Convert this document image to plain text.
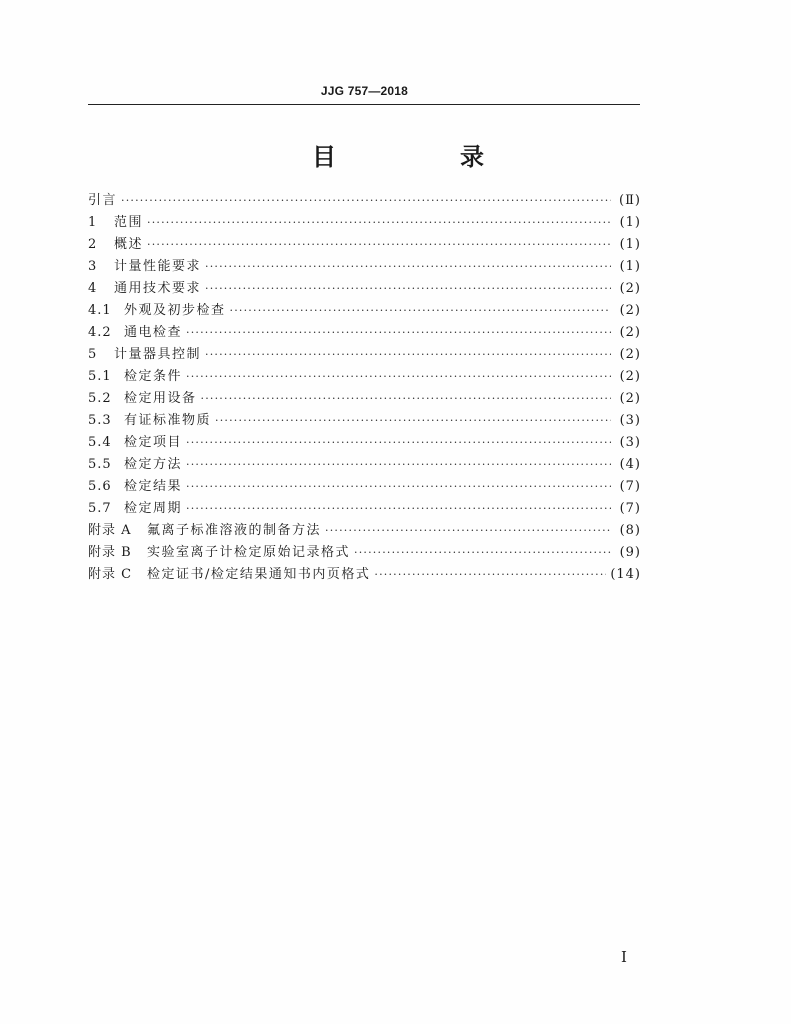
JJG 757—2018
目　录
引言 ·····	(Ⅱ)
1	范围 ·····	(1)
2	概述 ·····	(1)
3	计量性能要求 ·····	(1)
4	通用技术要求 ·····	(2)
4.1 外观及初步检查 ·····	(2)
4.2 通电检查 ·····	(2)
5	计量器具控制 ·····	(2)
5.1 检定条件 ·····	(2)
5.2 检定用设备 ·····	(2)
5.3 有证标准物质 ·····	(3)
5.4 检定项目 ·····	(3)
5.5 检定方法 ·····	(4)
5.6 检定结果 ·····	(7)
5.7 检定周期 ·····	(7)
附录 A	氟离子标准溶液的制备方法 ·····	(8)
附录 B	实验室离子计检定原始记录格式 ·····	(9)
附录 C	检定证书/检定结果通知书内页格式 ·····	(14)
I
